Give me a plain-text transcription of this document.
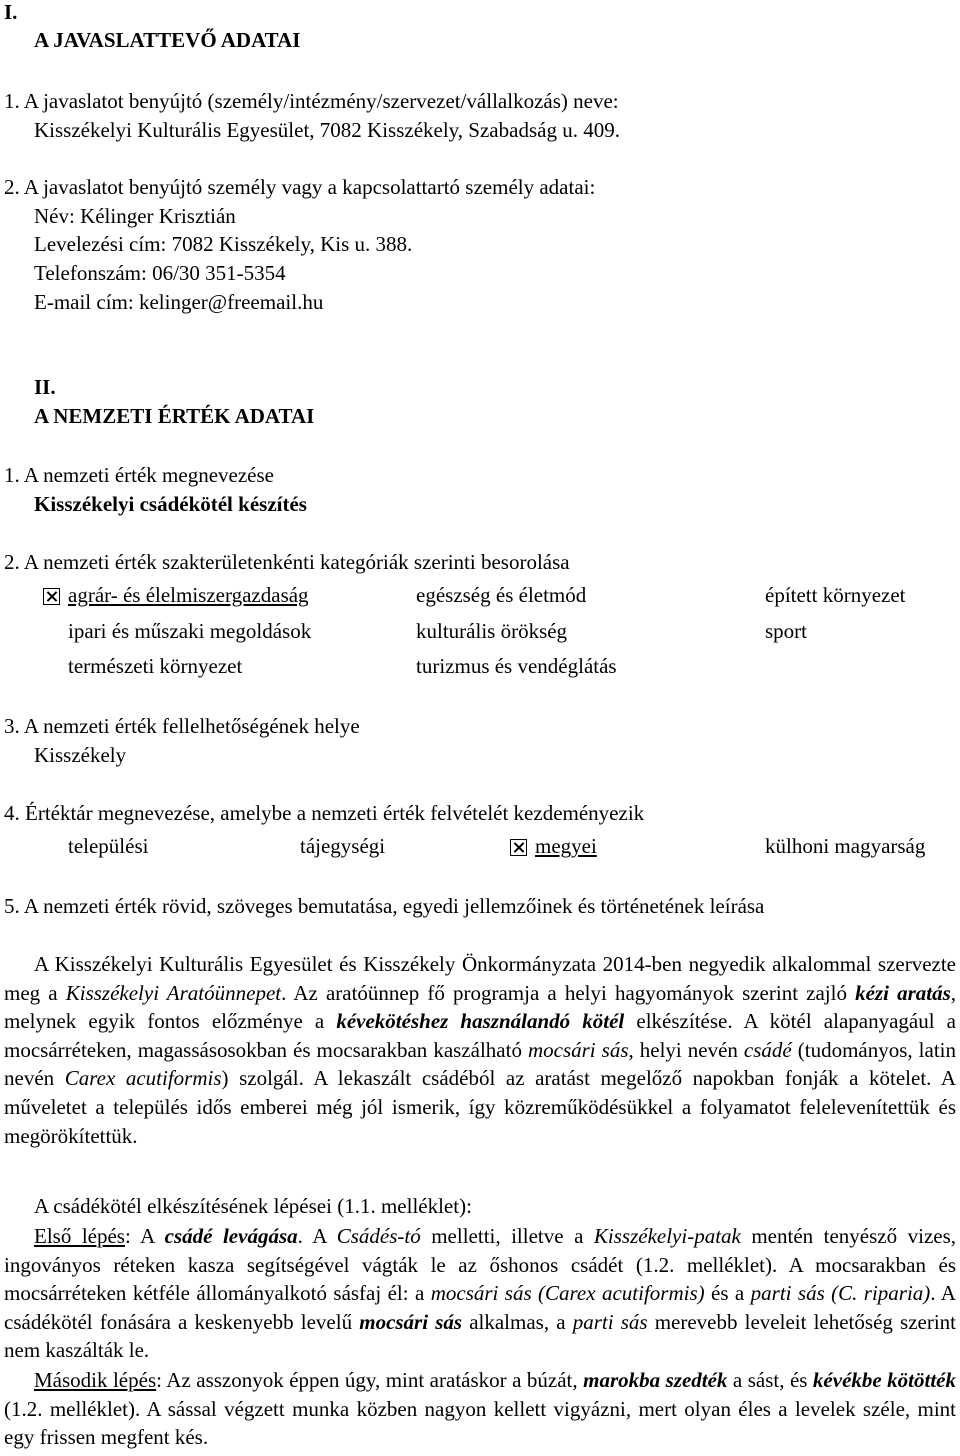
I.
A JAVASLATTEVŐ ADATAI
1. A javaslatot benyújtó (személy/intézmény/szervezet/vállalkozás) neve:
Kisszékelyi Kulturális Egyesület, 7082 Kisszékely, Szabadság u. 409.
2. A javaslatot benyújtó személy vagy a kapcsolattartó személy adatai:
Név: Kélinger Krisztián
Levelezési cím: 7082 Kisszékely, Kis u. 388.
Telefonszám: 06/30 351-5354
E-mail cím: kelinger@freemail.hu
II.
A NEMZETI ÉRTÉK ADATAI
1. A nemzeti érték megnevezése
Kisszékelyi csádékötél készítés
2. A nemzeti érték szakterületenkénti kategóriák szerinti besorolása
agrár- és élelmiszergazdaság	egészség és életmód	épített környezet
ipari és műszaki megoldások	kulturális örökség	sport
természeti környezet	turizmus és vendéglátás
3. A nemzeti érték fellelhetőségének helye
Kisszékely
4. Értéktár megnevezése, amelybe a nemzeti érték felvételét kezdeményezik
települési	tájegységi	megyei	külhoni magyarság
5. A nemzeti érték rövid, szöveges bemutatása, egyedi jellemzőinek és történetének leírása

A Kisszékelyi Kulturális Egyesület és Kisszékely Önkormányzata 2014-ben negyedik alkalommal szervezte meg a Kisszékelyi Aratóünnepet. Az aratóünnep fő programja a helyi hagyományok szerint zajló kézi aratás, melynek egyik fontos előzménye a kévekötéshez használandó kötél elkészítése. A kötél alapanyagául a mocsárréteken, magassásosokban és mocsarakban kaszálható mocsári sás, helyi nevén csádé (tudományos, latin nevén Carex acutiformis) szolgál. A lekaszált csádéból az aratást megelőző napokban fonják a kötelet. A műveletet a település idős emberei még jól ismerik, így közreműködésükkel a folyamatot felelevenítettük és megörökítettük.

A csádékötél elkészítésének lépései (1.1. melléklet):

Első lépés: A csádé levágása. A Csádés-tó melletti, illetve a Kisszékelyi-patak mentén tenyésző vizes, ingoványos réteken kasza segítségével vágták le az őshonos csádét (1.2. melléklet). A mocsarakban és mocsárréteken kétféle állományalkotó sásfaj él: a mocsári sás (Carex acutiformis) és a parti sás (C. riparia). A csádékötél fonására a keskenyebb levelű mocsári sás alkalmas, a parti sás merevebb leveleit lehetőség szerint nem kaszálták le.

Második lépés: Az asszonyok éppen úgy, mint aratáskor a búzát, marokba szedték a sást, és kévékbe kötötték (1.2. melléklet). A sással végzett munka közben nagyon kellett vigyázni, mert olyan éles a levelek széle, mint egy frissen megfent kés.
